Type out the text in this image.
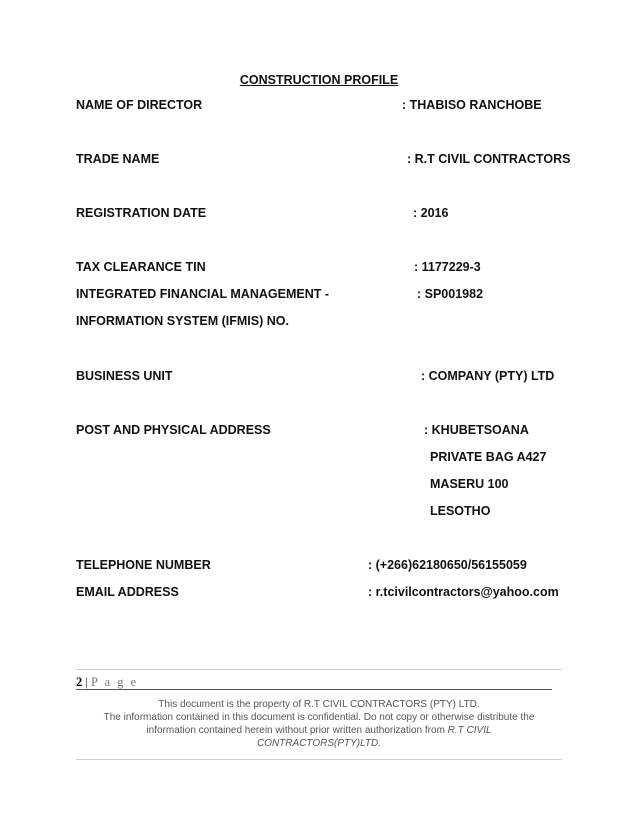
CONSTRUCTION PROFILE
NAME OF DIRECTOR	: THABISO RANCHOBE
TRADE NAME	: R.T CIVIL CONTRACTORS
REGISTRATION DATE	: 2016
TAX CLEARANCE TIN	: 1177229-3
INTEGRATED FINANCIAL MANAGEMENT -	: SP001982
INFORMATION SYSTEM (IFMIS) NO.
BUSINESS UNIT	: COMPANY (PTY) LTD
POST AND PHYSICAL ADDRESS	: KHUBETSOANA
PRIVATE BAG A427
MASERU 100
LESOTHO
TELEPHONE NUMBER	: (+266)62180650/56155059
EMAIL ADDRESS	: r.tcivilcontractors@yahoo.com
2 | P a g e
This document is the property of R.T CIVIL CONTRACTORS (PTY) LTD.
The information contained in this document is confidential. Do not copy or otherwise distribute the
information contained herein without prior written authorization from R.T CIVIL
CONTRACTORS(PTY)LTD.
